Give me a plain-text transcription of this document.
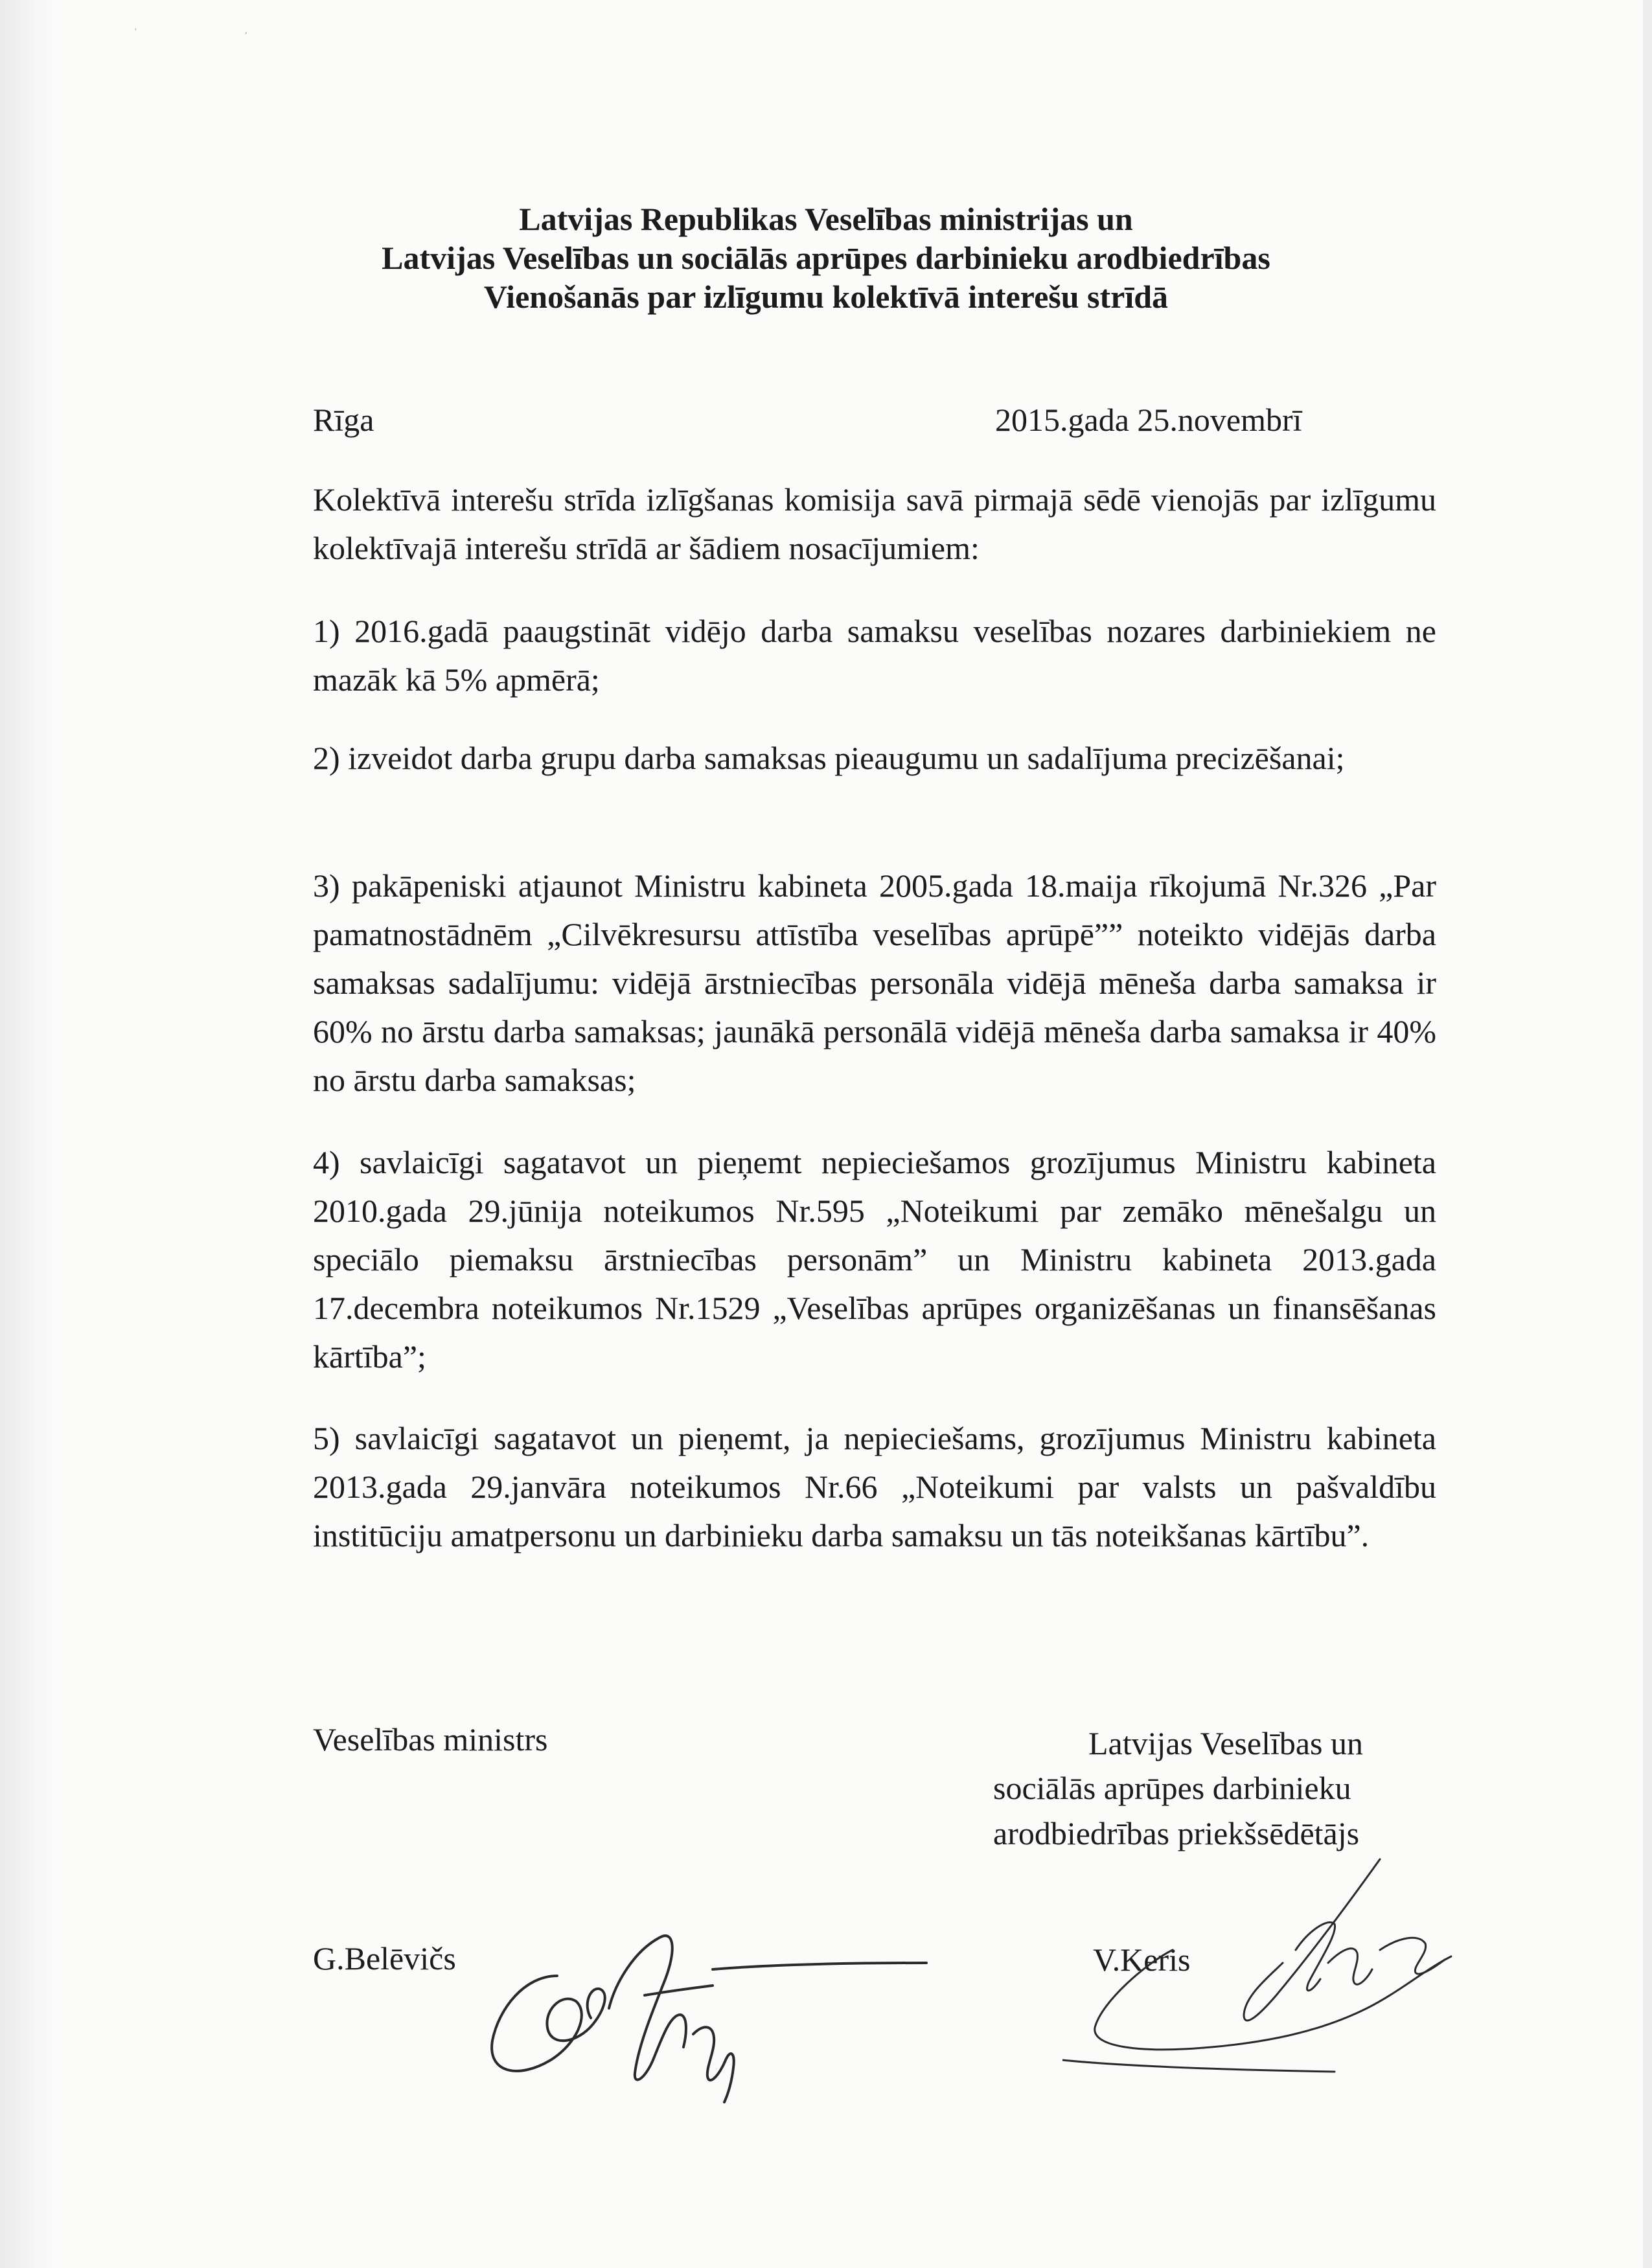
'	,
Latvijas Republikas Veselības ministrijas un
Latvijas Veselības un sociālās aprūpes darbinieku arodbiedrības
Vienošanās par izlīgumu kolektīvā interešu strīdā
Rīga	2015.gada 25.novembrī
Kolektīvā interešu strīda izlīgšanas komisija savā pirmajā sēdē vienojās par izlīgumu kolektīvajā interešu strīdā ar šādiem nosacījumiem:
1) 2016.gadā paaugstināt vidējo darba samaksu veselības nozares darbiniekiem ne mazāk kā 5% apmērā;
2) izveidot darba grupu darba samaksas pieaugumu un sadalījuma precizēšanai;
3) pakāpeniski atjaunot Ministru kabineta 2005.gada 18.maija rīkojumā Nr.326 „Par pamatnostādnēm „Cilvēkresursu attīstība veselības aprūpē”” noteikto vidējās darba samaksas sadalījumu: vidējā ārstniecības personāla vidējā mēneša darba samaksa ir 60% no ārstu darba samaksas; jaunākā personālā vidējā mēneša darba samaksa ir 40% no ārstu darba samaksas;
4) savlaicīgi sagatavot un pieņemt nepieciešamos grozījumus Ministru kabineta 2010.gada 29.jūnija noteikumos Nr.595 „Noteikumi par zemāko mēnešalgu un speciālo piemaksu ārstniecības personām” un Ministru kabineta 2013.gada 17.decembra noteikumos Nr.1529 „Veselības aprūpes organizēšanas un finansēšanas kārtība”;
5) savlaicīgi sagatavot un pieņemt, ja nepieciešams, grozījumus Ministru kabineta 2013.gada 29.janvāra noteikumos Nr.66 „Noteikumi par valsts un pašvaldību institūciju amatpersonu un darbinieku darba samaksu un tās noteikšanas kārtību”.
Veselības ministrs	Latvijas Veselības un
sociālās aprūpes darbinieku
arodbiedrības priekšsēdētājs
G.Belēvičs	V.Keris
